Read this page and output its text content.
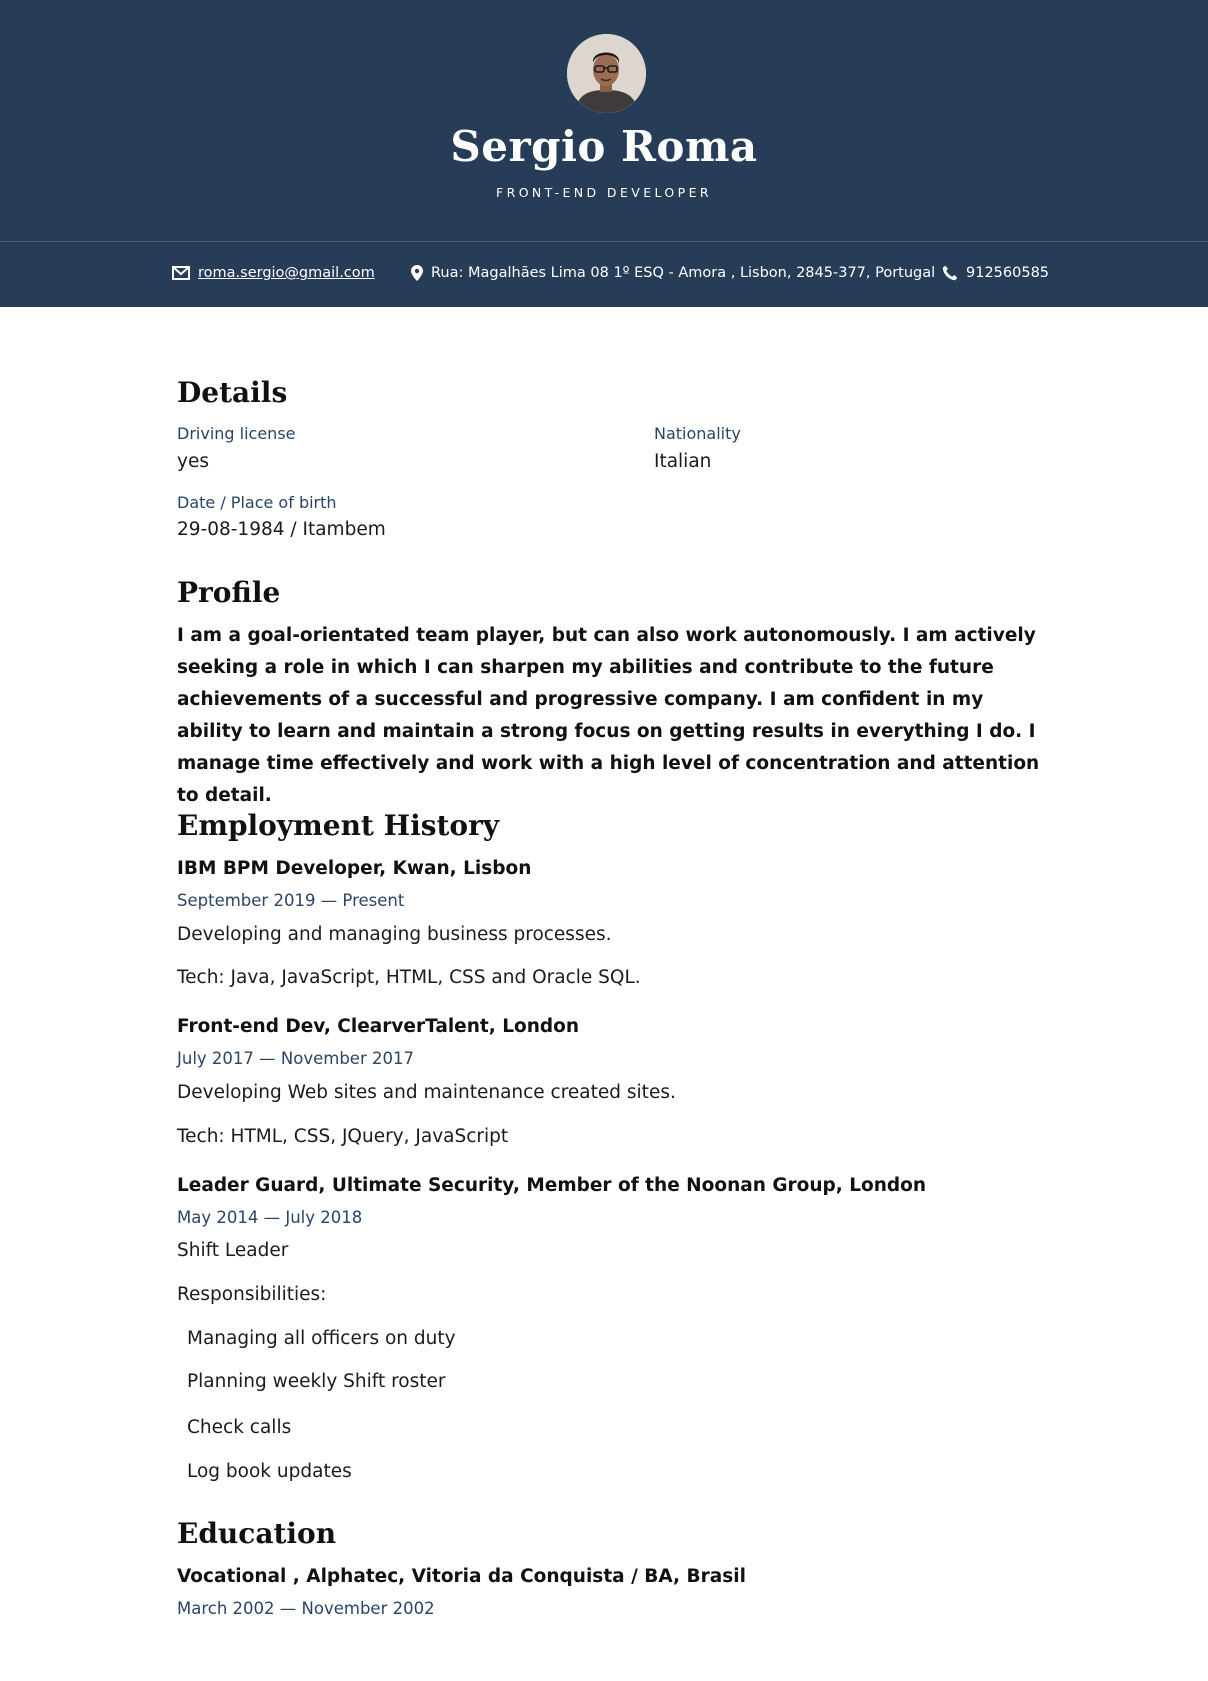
Sergio Roma
FRONT-END DEVELOPER
roma.sergio@gmail.com	Rua: Magalhães Lima 08 1º ESQ - Amora , Lisbon, 2845-377, Portugal 912560585
Details
Driving license
yes
Nationality
Italian
Date / Place of birth
29-08-1984 / Itambem
Profile
I am a goal-orientated team player, but can also work autonomously. I am actively seeking a role in which I can sharpen my abilities and contribute to the future achievements of a successful and progressive company. I am confident in my ability to learn and maintain a strong focus on getting results in everything I do. I manage time effectively and work with a high level of concentration and attention to detail.
Employment History
IBM BPM Developer, Kwan, Lisbon
September 2019 — Present
Developing and managing business processes.
Tech: Java, JavaScript, HTML, CSS and Oracle SQL.
Front-end Dev, ClearverTalent, London
July 2017 — November 2017
Developing Web sites and maintenance created sites.
Tech: HTML, CSS, JQuery, JavaScript
Leader Guard, Ultimate Security, Member of the Noonan Group, London
May 2014 — July 2018
Shift Leader
Responsibilities:
Managing all officers on duty
Planning weekly Shift roster
Check calls
Log book updates
Education
Vocational , Alphatec, Vitoria da Conquista / BA, Brasil
March 2002 — November 2002
